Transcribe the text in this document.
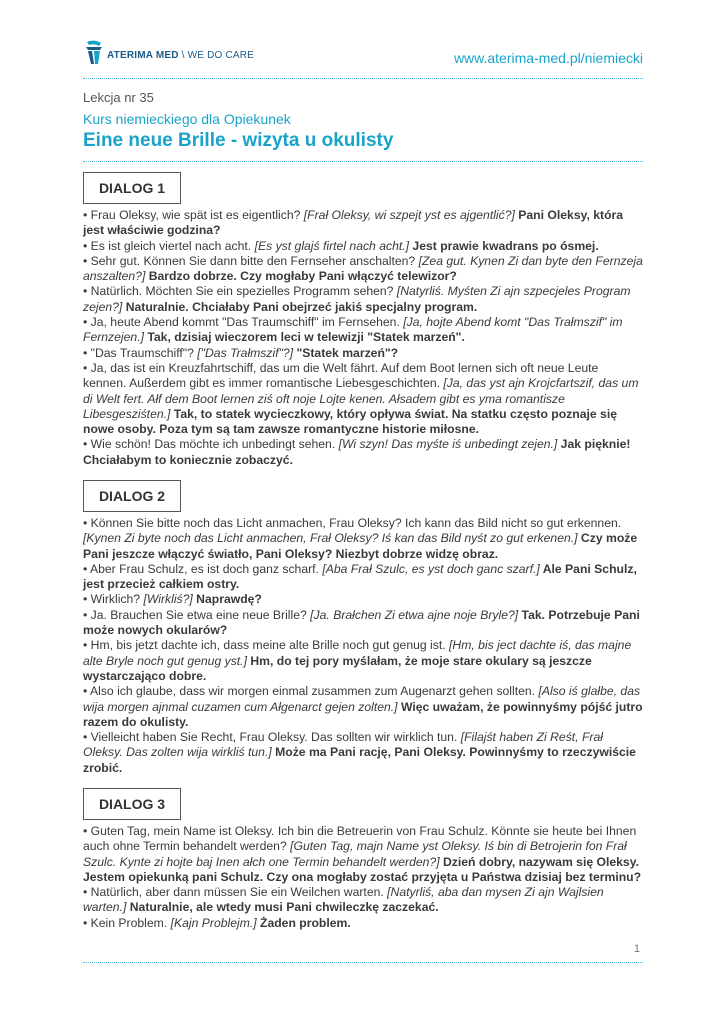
ATERIMA MED \ WE DO CARE	www.aterima-med.pl/niemiecki
Lekcja nr 35
Kurs niemieckiego dla Opiekunek
Eine neue Brille - wizyta u okulisty
DIALOG 1

• Frau Oleksy, wie spät ist es eigentlich? [Frał Oleksy, wi szpejt yst es ajgentlić?] Pani Oleksy, która jest właściwie godzina?

• Es ist gleich viertel nach acht. [Es yst glajś firtel nach acht.] Jest prawie kwadrans po ósmej.

• Sehr gut. Können Sie dann bitte den Fernseher anschalten? [Zea gut. Kynen Zi dan byte den Fernzeja anszalten?] Bardzo dobrze. Czy mogłaby Pani włączyć telewizor?

• Natürlich. Möchten Sie ein spezielles Programm sehen? [Natyrliś. Myśten Zi ajn szpecjeles Program zejen?] Naturalnie. Chciałaby Pani obejrzeć jakiś specjalny program.

• Ja, heute Abend kommt "Das Traumschiff" im Fernsehen. [Ja, hojte Abend komt "Das Trałmszif" im Fernzejen.] Tak, dzisiaj wieczorem leci w telewizji "Statek marzeń".

• "Das Traumschiff"? ["Das Trałmszif"?] "Statek marzeń"?

• Ja, das ist ein Kreuzfahrtschiff, das um die Welt fährt. Auf dem Boot lernen sich oft neue Leute kennen. Außerdem gibt es immer romantische Liebesgeschichten. [Ja, das yst ajn Krojcfartszif, das um di Welt fert. Ałf dem Boot lernen ziś oft noje Lojte kenen. Ałsadem gibt es yma romantisze Libesgesziśten.] Tak, to statek wycieczkowy, który opływa świat. Na statku często poznaje się nowe osoby. Poza tym są tam zawsze romantyczne historie miłosne.

• Wie schön! Das möchte ich unbedingt sehen. [Wi szyn! Das myśte iś unbedingt zejen.] Jak pięknie! Chciałabym to koniecznie zobaczyć.

DIALOG 2

• Können Sie bitte noch das Licht anmachen, Frau Oleksy? Ich kann das Bild nicht so gut erkennen. [Kynen Zi byte noch das Licht anmachen, Frał Oleksy? Iś kan das Bild nyśt zo gut erkenen.] Czy może Pani jeszcze włączyć światło, Pani Oleksy? Niezbyt dobrze widzę obraz.

• Aber Frau Schulz, es ist doch ganz scharf. [Aba Frał Szulc, es yst doch ganc szarf.] Ale Pani Schulz, jest przecież całkiem ostry.

• Wirklich? [Wirkliś?] Naprawdę?

• Ja. Brauchen Sie etwa eine neue Brille? [Ja. Brałchen Zi etwa ajne noje Bryle?] Tak. Potrzebuje Pani może nowych okularów?

• Hm, bis jetzt dachte ich, dass meine alte Brille noch gut genug ist. [Hm, bis ject dachte iś, das majne alte Bryle noch gut genug yst.] Hm, do tej pory myślałam, że moje stare okulary są jeszcze wystarczająco dobre.

• Also ich glaube, dass wir morgen einmal zusammen zum Augenarzt gehen sollten. [Also iś glałbe, das wija morgen ajnmal cuzamen cum Ałgenarct gejen zolten.] Więc uważam, że powinnyśmy pójść jutro razem do okulisty.

• Vielleicht haben Sie Recht, Frau Oleksy. Das sollten wir wirklich tun. [Filajśt haben Zi Reśt, Frał Oleksy. Das zolten wija wirkliś tun.] Może ma Pani rację, Pani Oleksy. Powinnyśmy to rzeczywiście zrobić.

DIALOG 3

• Guten Tag, mein Name ist Oleksy. Ich bin die Betreuerin von Frau Schulz. Könnte sie heute bei Ihnen auch ohne Termin behandelt werden? [Guten Tag, majn Name yst Oleksy. Iś bin di Betrojerin fon Frał Szulc. Kynte zi hojte baj Inen ałch one Termin behandelt werden?] Dzień dobry, nazywam się Oleksy. Jestem opiekunką pani Schulz. Czy ona mogłaby zostać przyjęta u Państwa dzisiaj bez terminu?

• Natürlich, aber dann müssen Sie ein Weilchen warten. [Natyrliś, aba dan mysen Zi ajn Wajlsien warten.] Naturalnie, ale wtedy musi Pani chwileczkę zaczekać.

• Kein Problem. [Kajn Problejm.] Żaden problem.

1
